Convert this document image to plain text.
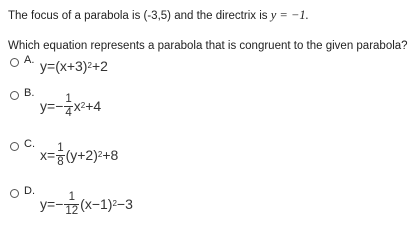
The focus of a parabola is (-3,5) and the directrix is y = −1.
Which equation represents a parabola that is congruent to the given parabola?
A. $y= (x+3)^2 +2$
B.
$y= - \frac{1}{4} x^2 +4$
C.
$x= \frac{1}{8} (y+2)^2 +8$
D.
$y= - \frac{1}{12} (x-1)^2 -3$
